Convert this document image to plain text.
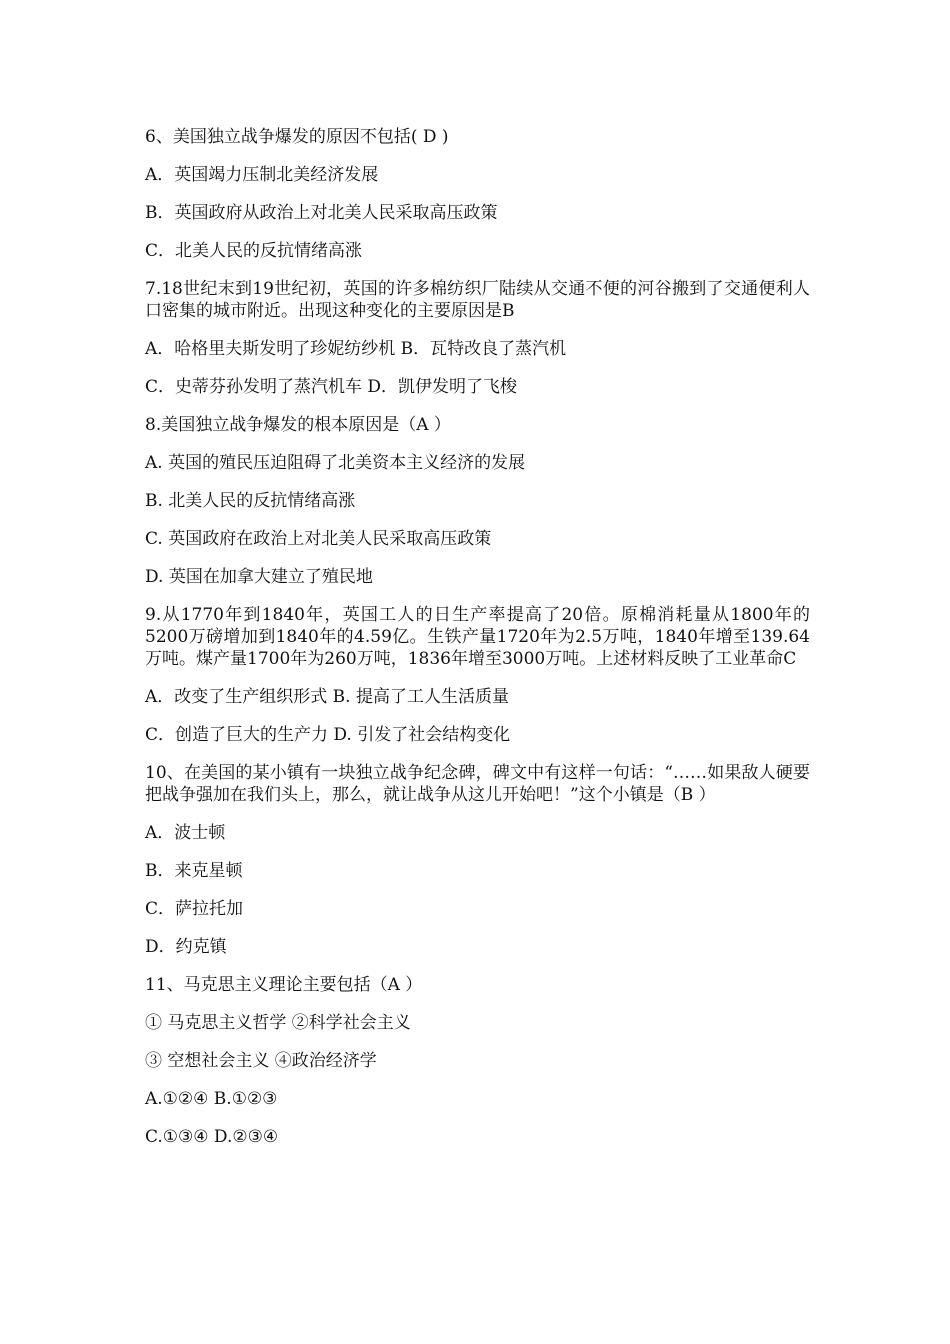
6、美国独立战争爆发的原因不包括( D )
A．英国竭力压制北美经济发展
B．英国政府从政治上对北美人民采取高压政策
C．北美人民的反抗情绪高涨
7.18世纪末到19世纪初，英国的许多棉纺织厂陆续从交通不便的河谷搬到了交通便利人口密集的城市附近。出现这种变化的主要原因是B
A．哈格里夫斯发明了珍妮纺纱机 B．瓦特改良了蒸汽机
C．史蒂芬孙发明了蒸汽机车 D．凯伊发明了飞梭
8.美国独立战争爆发的根本原因是（A ）
A. 英国的殖民压迫阻碍了北美资本主义经济的发展
B. 北美人民的反抗情绪高涨
C. 英国政府在政治上对北美人民采取高压政策
D. 英国在加拿大建立了殖民地
9.从1770年到1840年，英国工人的日生产率提高了20倍。原棉消耗量从1800年的5200万磅增加到1840年的4.59亿。生铁产量1720年为2.5万吨，1840年增至139.64万吨。煤产量1700年为260万吨，1836年增至3000万吨。上述材料反映了工业革命C
A．改变了生产组织形式 B. 提高了工人生活质量
C．创造了巨大的生产力 D. 引发了社会结构变化
10、在美国的某小镇有一块独立战争纪念碑，碑文中有这样一句话：“……如果敌人硬要把战争强加在我们头上，那么，就让战争从这儿开始吧！”这个小镇是（B ）
A．波士顿
B．来克星顿
C．萨拉托加
D．约克镇
11、马克思主义理论主要包括（A ）
① 马克思主义哲学 ②科学社会主义
③ 空想社会主义 ④政治经济学
A.①②④ B.①②③
C.①③④ D.②③④
